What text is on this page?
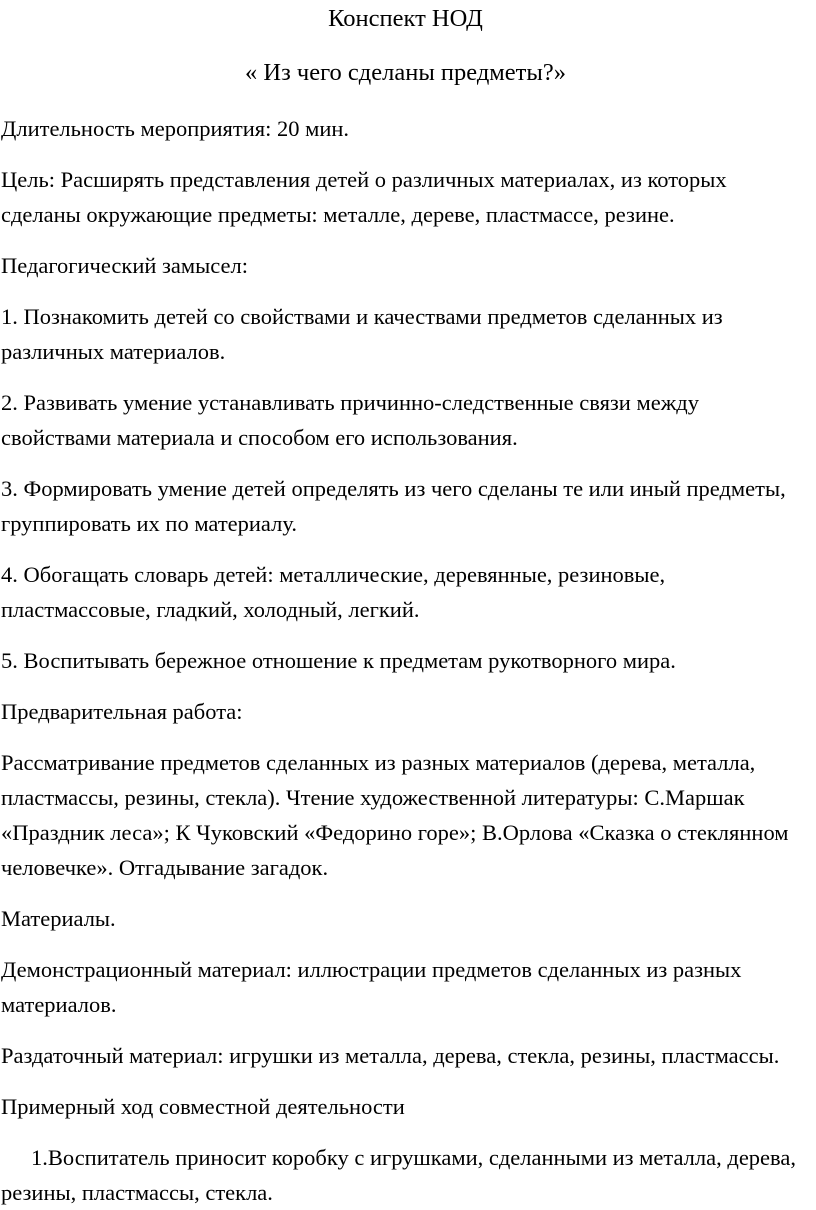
Конспект НОД
« Из чего сделаны предметы?»

Длительность мероприятия: 20 мин.

Цель: Расширять представления детей о различных материалах, из которых сделаны окружающие предметы: металле, дереве, пластмассе, резине.

Педагогический замысел:

1. Познакомить детей со свойствами и качествами предметов сделанных из различных материалов.

2. Развивать умение устанавливать причинно-следственные связи между свойствами материала и способом его использования.

3. Формировать умение детей определять из чего сделаны те или иный предметы, группировать их по материалу.

4. Обогащать словарь детей: металлические, деревянные, резиновые, пластмассовые, гладкий, холодный, легкий.

5. Воспитывать бережное отношение к предметам рукотворного мира.

Предварительная работа:

Рассматривание предметов сделанных из разных материалов (дерева, металла, пластмассы, резины, стекла). Чтение художественной литературы: С.Маршак «Праздник леса»; К Чуковский «Федорино горе»; В.Орлова «Сказка о стеклянном человечке». Отгадывание загадок.

Материалы.

Демонстрационный материал: иллюстрации предметов сделанных из разных материалов.

Раздаточный материал: игрушки из металла, дерева, стекла, резины, пластмассы.

Примерный ход совместной деятельности

1.Воспитатель приносит коробку с игрушками, сделанными из металла, дерева, резины, пластмассы, стекла.
